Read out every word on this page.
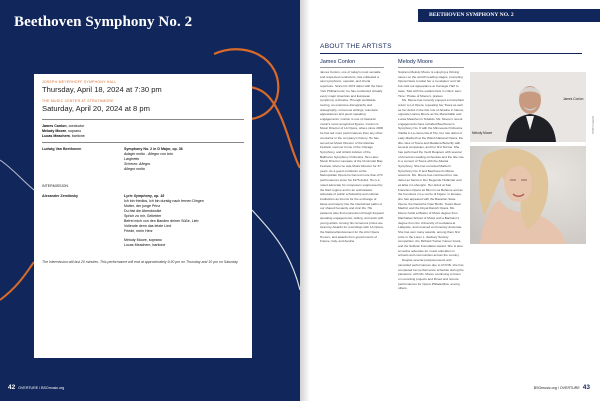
Beethoven Symphony No. 2
JOSEPH MEYERHOFF SYMPHONY HALL
Thursday, April 18, 2024 at 7:30 pm
THE MUSIC CENTER AT STRATHMORE
Saturday, April 20, 2024 at 8 pm
James Conlon, conductor
Melody Moore, soprano
Lucas Meachem, baritone
Ludwig Van Beethoven	Symphony No. 2 in D Major, op. 36
Adagio molto - Allegro con brio
Larghetto
Scherzo: Allegro
Allegro molto
INTERMISSION
Alexander Zemlinsky	Lyric Symphony, op. 18
Ich bin friedlos, ich bin durstig nach fernen Dingen
Mutter, der junge Prinz
Du bist die Abendwolke
Sprich zu mir, Geliebter
Befrei mich von den Banden deiner Süße, Lieb
Vollende denn das letzte Lied
Friede, mein Herz
Melody Moore, soprano
Lucas Meachem, baritone
The intermission will last 20 minutes. This performance will end at approximately 9:30 pm on Thursday and 10 pm on Saturday.
42 OVERTURE / BSOmusic.org
BEETHOVEN SYMPHONY NO. 2
ABOUT THE ARTISTS
James Conlon

James Conlon, one of today's most versatile and respected conductors, has cultivated a vast symphonic, operatic, and choral repertoire. Since his 1974 debut with the New York Philharmonic, he has conducted virtually every major American and European symphony orchestra. Through worldwide touring, an extensive discography and videography, numerous writings, television appearances and guest speaking engagements, Conlon is one of classical music's most recognized figures. Conlon is Music Director of LA Opera, where since 2006 he has led more performances than any other conductor in the company's history. He has served as Music Director of the Ravinia Festival, summer home of the Chicago Symphony, and Artistic Advisor of the Baltimore Symphony Orchestra. He is also Music Director Laureate of the Cincinnati May Festival, where he was Music Director for 37 years. As a guest conductor at the Metropolitan Opera he has led more than 270 performances since his 1976 debut. He is a noted advocate for composers suppressed by the Nazi regime and is an enthusiastic advocate of public scholarship and cultural institutions as forums for the exchange of ideas and inquiry into the intertwined paths of our shared humanity and civic life. His passions also find expression through frequent speaking engagements, writing, and work with young artists. Among his numerous prizes are Grammy Awards for recordings with LA Opera, the National Endowment for the Arts Opera Honors, and awards from governments of France, Italy, and Austria.

Melody Moore

Soprano Melody Moore is enjoying a thriving career on the world's leading stages, prompting Opera News to label her a 'revelation' and 'all-but-sold-out appearance at Carnegie Hall' to raise. 'Met with the earliest fans in critics' ears' Time.' Praise of Moore's, praises

Ms. Moore has recently enjoyed a triumphant return to LA Opera, repeating her Tosca as well as her debut in the title role of Ariadne in Naxos, opposite Lianna Moore as the Marschallin and Lucas Meachem's Tebaldo. Ms. Moore's recent engagements have included Beethoven's Symphony No. 9 with the Minnesota Orchestra, Vitellia in La clemenza di Tito, her role debut of Lady Macbeth at the Welsh National Opera, the title roles of Tosca and Madama Butterfly with several companies, and her first Norma. She has performed the Verdi Requiem with several of America's leading orchestras and the title role in a concert of Tosca with the Atlanta Symphony. She has recorded Mahler's Symphony No. 8 and Beethoven's Missa solemnis. Ms. Moore has continued her role debut as Senta in Der fliegende Holländer and as Elsa in Lohengrin. Her debut at San Francisco Opera as Mimì in La Bohème and as the Countess in Le nozze di Figaro. In Europe, she has appeared with the Bavarian State Opera, the Deutsche Oper Berlin, Teatro Real Madrid, and the Royal Danish Opera. Ms. Moore holds a Master of Music degree from Manhattan School of Music and a Bachelor's degree from the University of Louisiana at Lafayette, and received an honorary doctorate. She has won many awards, among them first prize in the Loren L. Zachary Society competition, the Richard Tucker Career Grant, and the Sullivan Foundation Award. She is also an active advocate for music education in schools and communities across the country.

Despite several postponements and cancelled performances due to COVID, she has completed her performance schedule during the pandemic, with Ms. Moore continuing to focus on recording projects and filmed and remote performances for Opera Philadelphia, among others.

James Conlon
PHOTO CREDIT
Melody Moore
BSOmusic.org / OVERTURE 43
